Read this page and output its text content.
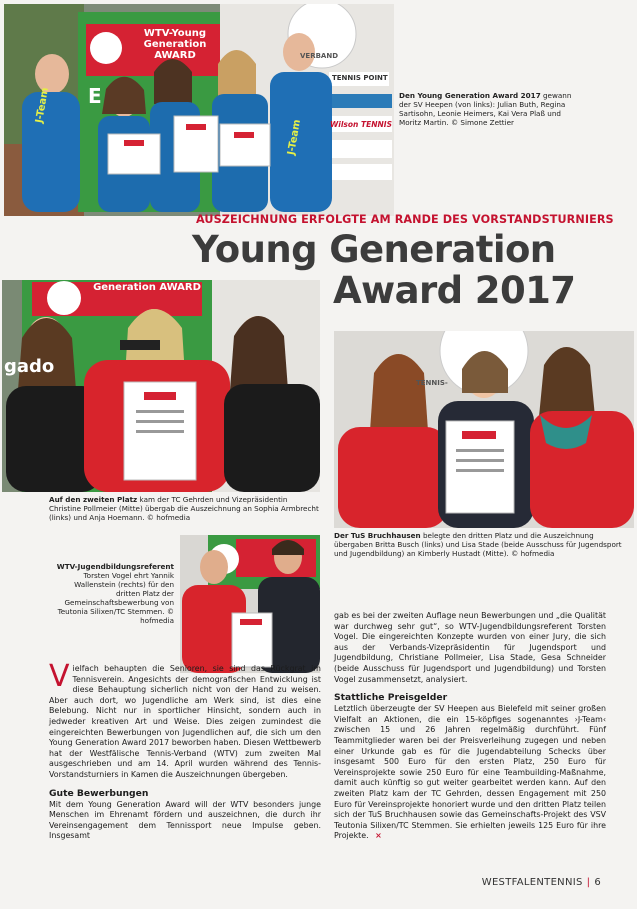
WTV-Young Generation AWARD
J-Team
J-Team
E
VERBAND
TENNIS POINT
Wilson TENNIS
Den Young Generation Award 2017 gewann der SV Heepen (von links): Julian Buth, Regina Sartisohn, Leonie Heimers, Kai Vera Plaß und Moritz Martin. © Simone Zettier
AUSZEICHNUNG ERFOLGTE AM RANDE DES VORSTANDSTURNIERS
Young Generation
Award 2017
Generation AWARD
gado
Auf den zweiten Platz kam der TC Gehrden und Vizepräsidentin Christine Pollmeier (Mitte) übergab die Auszeichnung an Sophia Armbrecht (links) und Anja Hoemann. © hofmedia
TENNIS-
Der TuS Bruchhausen belegte den dritten Platz und die Auszeichnung übergaben Britta Busch (links) und Lisa Stade (beide Ausschuss für Jugendsport und Jugendbildung) an Kimberly Hustadt (Mitte). © hofmedia
WTV-Jugendbildungsreferent Torsten Vogel ehrt Yannik Wallenstein (rechts) für den dritten Platz der Gemeinschaftsbewerbung von Teutonia Silixen/TC Stemmen. © hofmedia

V ielfach behaupten die Senioren, sie sind das Rückgrat im Tennisverein. Angesichts der demografischen Entwicklung ist diese Behauptung sicherlich nicht von der Hand zu weisen. Aber auch dort, wo Jugendliche am Werk sind, ist dies eine Belebung. Nicht nur in sportlicher Hinsicht, sondern auch in jedweder kreativen Art und Weise. Dies zeigen zumindest die eingereichten Bewerbungen von Jugendlichen auf, die sich um den Young Generation Award 2017 beworben haben. Diesen Wettbewerb hat der Westfälische Tennis-Verband (WTV) zum zweiten Mal ausgeschrieben und am 14. April wurden während des Tennis-Vorstandsturniers in Kamen die Auszeichnungen übergeben.

Gute Bewerbungen

Mit dem Young Generation Award will der WTV besonders junge Menschen im Ehrenamt fördern und auszeichnen, die durch ihr Vereinsengagement dem Tennissport neue Impulse geben. Insgesamt

gab es bei der zweiten Auflage neun Bewerbungen und „die Qualität war durchweg sehr gut“, so WTV-Jugendbildungsreferent Torsten Vogel. Die eingereichten Konzepte wurden von einer Jury, die sich aus der Verbands-Vizepräsidentin für Jugendsport und Jugendbildung, Christiane Pollmeier, Lisa Stade, Gesa Schneider (beide Ausschuss für Jugendsport und Jugendbildung) und Torsten Vogel zusammensetzt, analysiert.

Stattliche Preisgelder

Letztlich überzeugte der SV Heepen aus Bielefeld mit seiner großen Vielfalt an Aktionen, die ein 15-köpfiges sogenanntes ›J-Team‹ zwischen 15 und 26 Jahren regelmäßig durchführt. Fünf Teammitglieder waren bei der Preisverleihung zugegen und neben einer Urkunde gab es für die Jugendabteilung Schecks über insgesamt 500 Euro für den ersten Platz, 250 Euro für Vereinsprojekte sowie 250 Euro für eine Teambuilding-Maßnahme, damit auch künftig so gut weiter gearbeitet werden kann. Auf den zweiten Platz kam der TC Gehrden, dessen Engagement mit 250 Euro für Vereinsprojekte honoriert wurde und den dritten Platz teilen sich der TuS Bruchhausen sowie das Gemeinschafts-Projekt des VSV Teutonia Silixen/TC Stemmen. Sie erhielten jeweils 125 Euro für ihre Projekte. ×

WESTFALENTENNIS | 6
